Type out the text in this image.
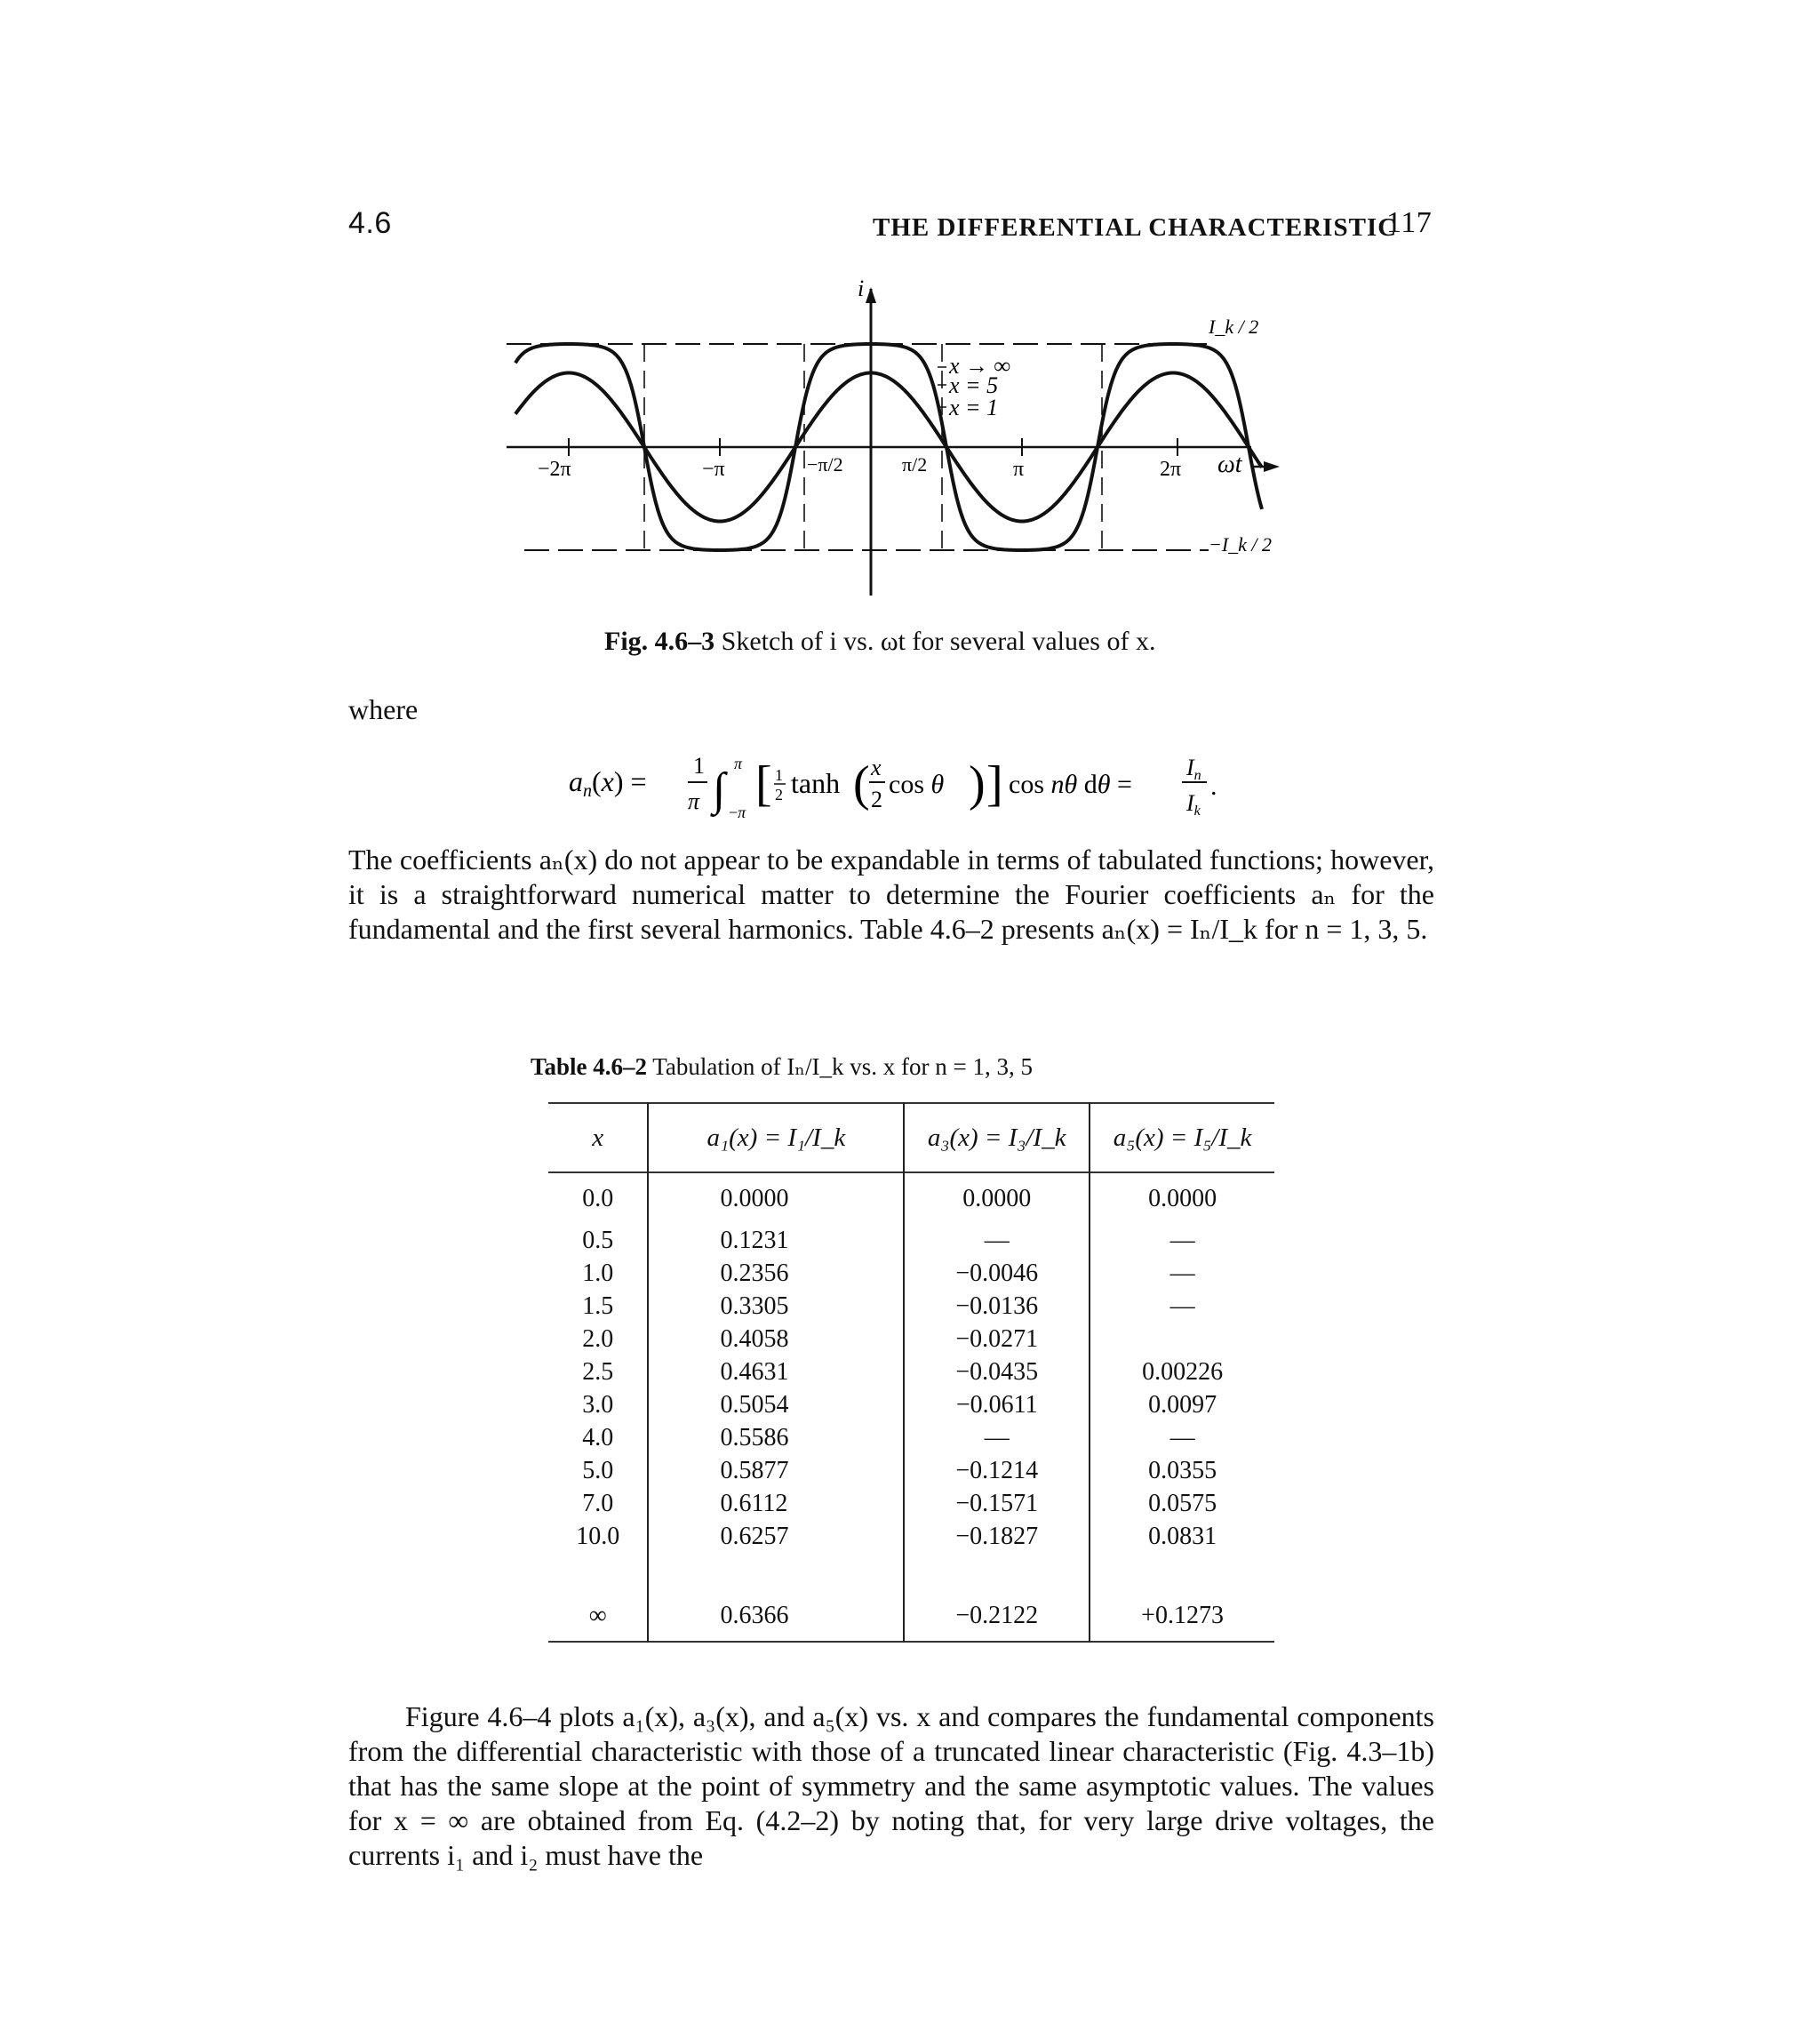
4.6	THE DIFFERENTIAL CHARACTERISTIC
117
i
ωt
x → ∞
x = 5
x = 1
I_k / 2
−I_k / 2
−2π	−π	−π/2	π/2	π	2π
Fig. 4.6–3 Sketch of i vs. ωt for several values of x.
where
an(x) = 1
π ∫
π
−π
[ 1
2 tanh ( x
2
cos θ ) ] cos nθ dθ =
In
Ik
.

The coefficients aₙ(x) do not appear to be expandable in terms of tabulated functions; however, it is a straightforward numerical matter to determine the Fourier coefficients aₙ for the fundamental and the first several harmonics. Table 4.6–2 presents aₙ(x) = Iₙ/I_k for n = 1, 3, 5.

Table 4.6–2 Tabulation of Iₙ/I_k vs. x for n = 1, 3, 5
x	a₁(x) = I₁/I_k	a₃(x) = I₃/I_k	a₅(x) = I₅/I_k
0.0	0.0000	0.0000	0.0000
0.5	0.1231	—	—
1.0	0.2356	−0.0046	—
1.5	0.3305	−0.0136	—
2.0	0.4058	−0.0271	
2.5	0.4631	−0.0435	0.00226
3.0	0.5054	−0.0611	0.0097
4.0	0.5586	—	—
5.0	0.5877	−0.1214	0.0355
7.0	0.6112	−0.1571	0.0575
10.0	0.6257	−0.1827	0.0831

∞	0.6366	−0.2122	+0.1273

Figure 4.6–4 plots a₁(x), a₃(x), and a₅(x) vs. x and compares the fundamental components from the differential characteristic with those of a truncated linear characteristic (Fig. 4.3–1b) that has the same slope at the point of symmetry and the same asymptotic values. The values for x = ∞ are obtained from Eq. (4.2–2) by noting that, for very large drive voltages, the currents i₁ and i₂ must have the
